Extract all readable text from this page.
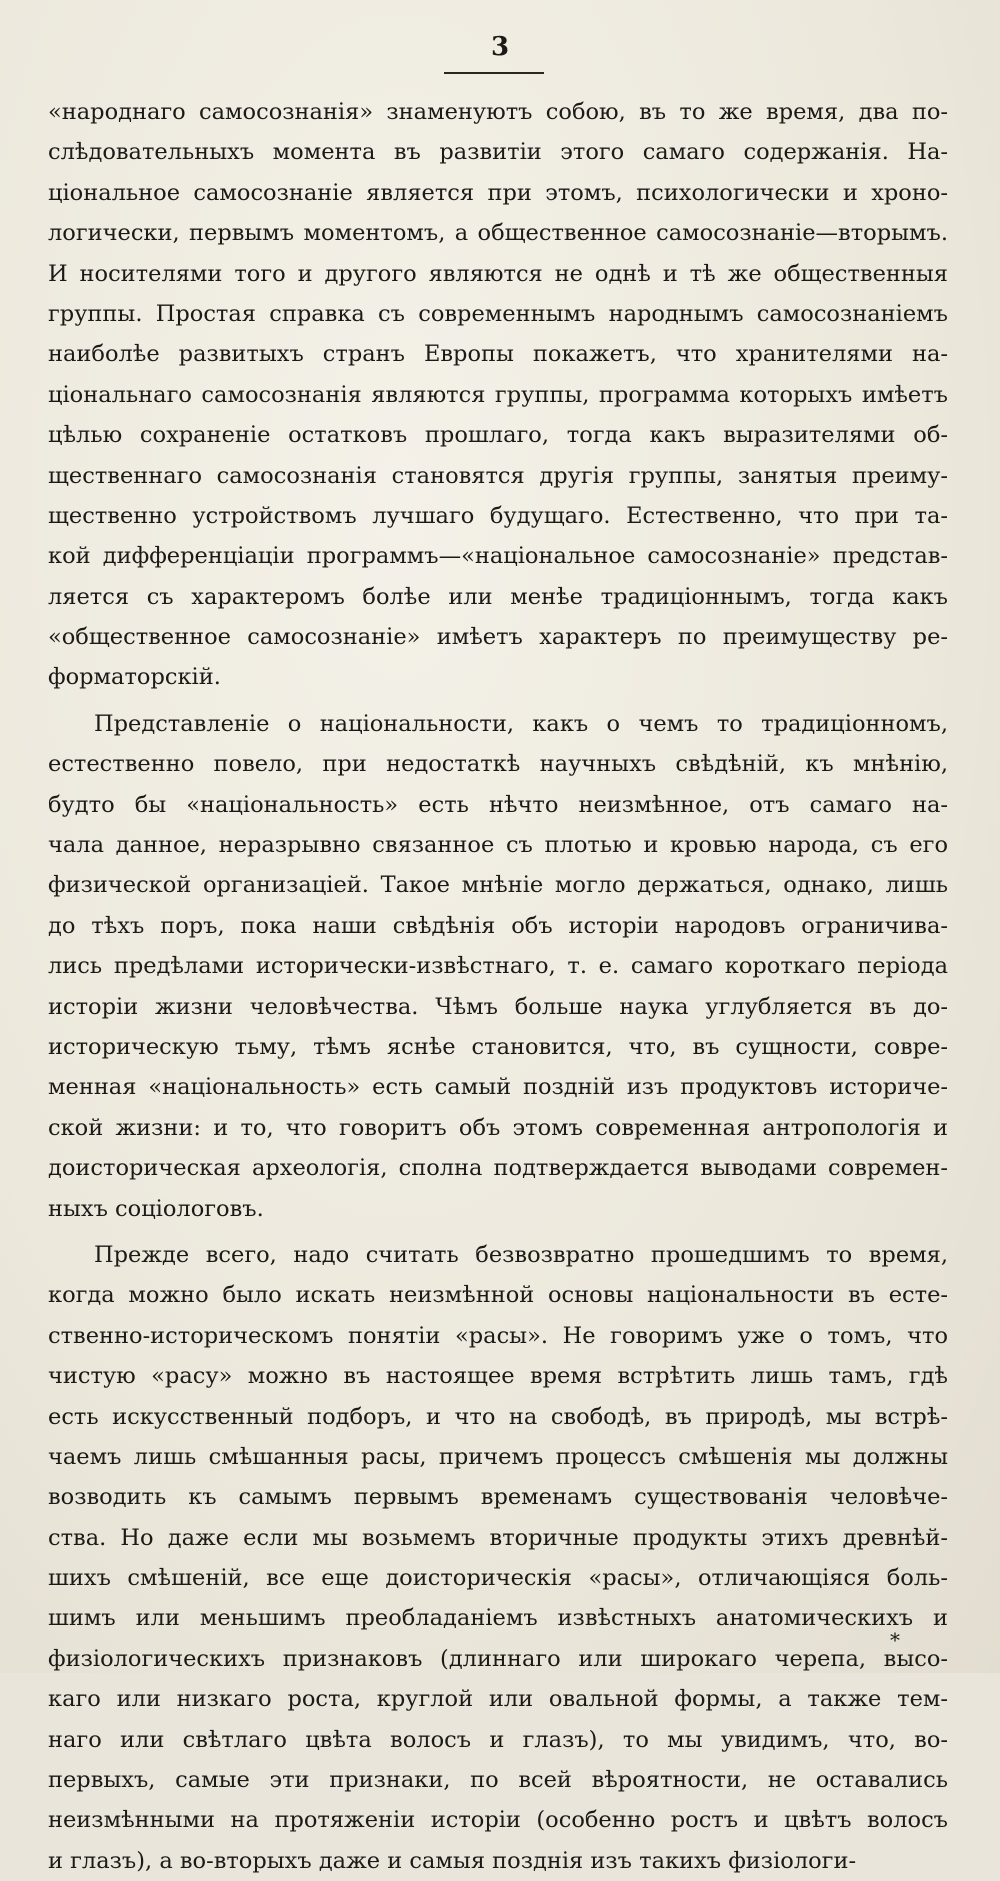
3
«народнаго самосознанія» знаменуютъ собою, въ то же время, два по-
слѣдовательныхъ момента въ развитіи этого самаго содержанія. На-
ціональное самосознаніе является при этомъ, психологически и хроно-
логически, первымъ моментомъ, а общественное самосознаніе—вторымъ.
И носителями того и другого являются не однѣ и тѣ же общественныя
группы. Простая справка съ современнымъ народнымъ самосознаніемъ
наиболѣе развитыхъ странъ Европы покажетъ, что хранителями на-
ціональнаго самосознанія являются группы, программа которыхъ имѣетъ
цѣлью сохраненіе остатковъ прошлаго, тогда какъ выразителями об-
щественнаго самосознанія становятся другія группы, занятыя преиму-
щественно устройствомъ лучшаго будущаго. Естественно, что при та-
кой дифференціаціи программъ—«національное самосознаніе» представ-
ляется съ характеромъ болѣе или менѣе традиціоннымъ, тогда какъ
«общественное самосознаніе» имѣетъ характеръ по преимуществу ре-
форматорскій.
Представленіе о національности, какъ о чемъ то традиціонномъ,
естественно повело, при недостаткѣ научныхъ свѣдѣній, къ мнѣнію,
будто бы «національность» есть нѣчто неизмѣнное, отъ самаго на-
чала данное, неразрывно связанное съ плотью и кровью народа, съ его
физической организаціей. Такое мнѣніе могло держаться, однако, лишь
до тѣхъ поръ, пока наши свѣдѣнія объ исторіи народовъ ограничива-
лись предѣлами исторически-извѣстнаго, т. е. самаго короткаго періода
исторіи жизни человѣчества. Чѣмъ больше наука углубляется въ до-
историческую тьму, тѣмъ яснѣе становится, что, въ сущности, совре-
менная «національность» есть самый поздній изъ продуктовъ историче-
ской жизни: и то, что говоритъ объ этомъ современная антропологія и
доисторическая археологія, сполна подтверждается выводами современ-
ныхъ соціологовъ.
Прежде всего, надо считать безвозвратно прошедшимъ то время,
когда можно было искать неизмѣнной основы національности въ есте-
ственно-историческомъ понятіи «расы». Не говоримъ уже о томъ, что
чистую «расу» можно въ настоящее время встрѣтить лишь тамъ, гдѣ
есть искусственный подборъ, и что на свободѣ, въ природѣ, мы встрѣ-
чаемъ лишь смѣшанныя расы, причемъ процессъ смѣшенія мы должны
возводить къ самымъ первымъ временамъ существованія человѣче-
ства. Но даже если мы возьмемъ вторичные продукты этихъ древнѣй-
шихъ смѣшеній, все еще доисторическія «расы», отличающіяся боль-
шимъ или меньшимъ преобладаніемъ извѣстныхъ анатомическихъ и
физіологическихъ признаковъ (длиннаго или широкаго черепа, высо-
каго или низкаго роста, круглой или овальной формы, а также тем-
наго или свѣтлаго цвѣта волосъ и глазъ), то мы увидимъ, что, во-
первыхъ, самые эти признаки, по всей вѣроятности, не оставались
неизмѣнными на протяженіи исторіи (особенно ростъ и цвѣтъ волосъ
и глазъ), а во-вторыхъ даже и самыя позднія изъ такихъ физіологи-
*
